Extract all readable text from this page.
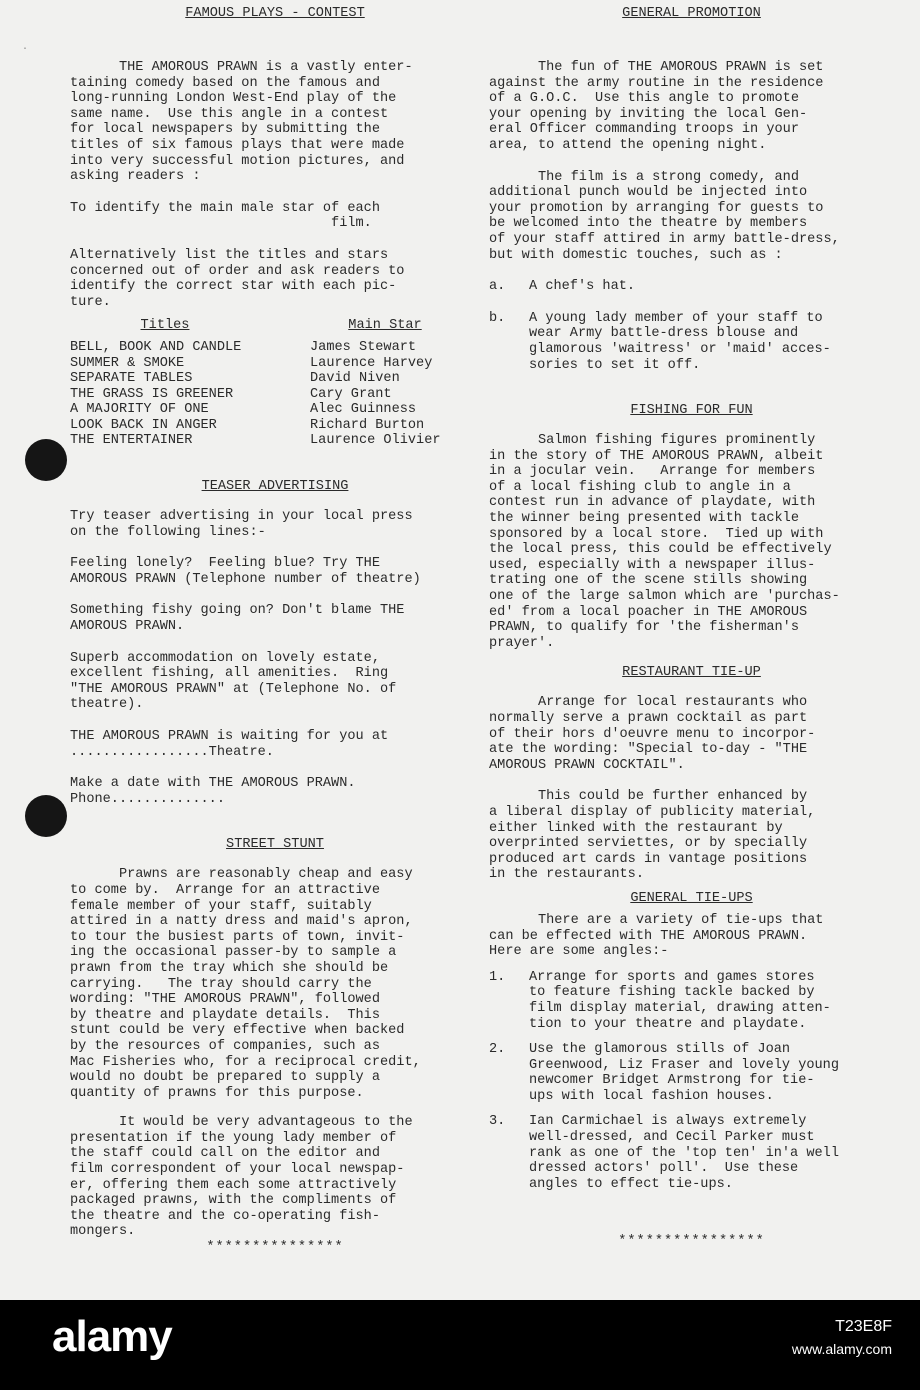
·

FAMOUS PLAYS - CONTEST

THE AMOROUS PRAWN is a vastly enter-
taining comedy based on the famous and
long-running London West-End play of the
same name.  Use this angle in a contest
for local newspapers by submitting the
titles of six famous plays that were made
into very successful motion pictures, and
asking readers :

To identify the main male star of each
film.

Alternatively list the titles and stars
concerned out of order and ask readers to
identify the correct star with each pic-
ture.

Titles	Main Star
BELL, BOOK AND CANDLE	James Stewart
SUMMER & SMOKE	Laurence Harvey
SEPARATE TABLES	David Niven
THE GRASS IS GREENER	Cary Grant
A MAJORITY OF ONE	Alec Guinness
LOOK BACK IN ANGER	Richard Burton
THE ENTERTAINER	Laurence Olivier

TEASER ADVERTISING

Try teaser advertising in your local press
on the following lines:-

Feeling lonely?  Feeling blue? Try THE
AMOROUS PRAWN (Telephone number of theatre)

Something fishy going on? Don't blame THE
AMOROUS PRAWN.

Superb accommodation on lovely estate,
excellent fishing, all amenities.  Ring
"THE AMOROUS PRAWN" at (Telephone No. of
theatre).

THE AMOROUS PRAWN is waiting for you at
.................Theatre.

Make a date with THE AMOROUS PRAWN.
Phone..............

STREET STUNT

Prawns are reasonably cheap and easy
to come by.  Arrange for an attractive
female member of your staff, suitably
attired in a natty dress and maid's apron,
to tour the busiest parts of town, invit-
ing the occasional passer-by to sample a
prawn from the tray which she should be
carrying.   The tray should carry the
wording: "THE AMOROUS PRAWN", followed
by theatre and playdate details.  This
stunt could be very effective when backed
by the resources of companies, such as
Mac Fisheries who, for a reciprocal credit,
would no doubt be prepared to supply a
quantity of prawns for this purpose.

It would be very advantageous to the
presentation if the young lady member of
the staff could call on the editor and
film correspondent of your local newspap-
er, offering them each some attractively
packaged prawns, with the compliments of
the theatre and the co-operating fish-
mongers.

***************

GENERAL PROMOTION

The fun of THE AMOROUS PRAWN is set
against the army routine in the residence
of a G.O.C.  Use this angle to promote
your opening by inviting the local Gen-
eral Officer commanding troops in your
area, to attend the opening night.

The film is a strong comedy, and
additional punch would be injected into
your promotion by arranging for guests to
be welcomed into the theatre by members
of your staff attired in army battle-dress,
but with domestic touches, such as :

a.	A chef's hat.
b.	A young lady member of your staff to
wear Army battle-dress blouse and
glamorous 'waitress' or 'maid' acces-
sories to set it off.

FISHING FOR FUN

Salmon fishing figures prominently
in the story of THE AMOROUS PRAWN, albeit
in a jocular vein.   Arrange for members
of a local fishing club to angle in a
contest run in advance of playdate, with
the winner being presented with tackle
sponsored by a local store.  Tied up with
the local press, this could be effectively
used, especially with a newspaper illus-
trating one of the scene stills showing
one of the large salmon which are 'purchas-
ed' from a local poacher in THE AMOROUS
PRAWN, to qualify for 'the fisherman's
prayer'.

RESTAURANT TIE-UP

Arrange for local restaurants who
normally serve a prawn cocktail as part
of their hors d'oeuvre menu to incorpor-
ate the wording: "Special to-day - "THE
AMOROUS PRAWN COCKTAIL".

This could be further enhanced by
a liberal display of publicity material,
either linked with the restaurant by
overprinted serviettes, or by specially
produced art cards in vantage positions
in the restaurants.

GENERAL TIE-UPS

There are a variety of tie-ups that
can be effected with THE AMOROUS PRAWN.
Here are some angles:-

1.	Arrange for sports and games stores
to feature fishing tackle backed by
film display material, drawing atten-
tion to your theatre and playdate.
2.	Use the glamorous stills of Joan
Greenwood, Liz Fraser and lovely young
newcomer Bridget Armstrong for tie-
ups with local fashion houses.
3.	Ian Carmichael is always extremely
well-dressed, and Cecil Parker must
rank as one of the 'top ten' in'a well
dressed actors' poll'.  Use these
angles to effect tie-ups.

****************

alamy	T23E8F
www.alamy.com
